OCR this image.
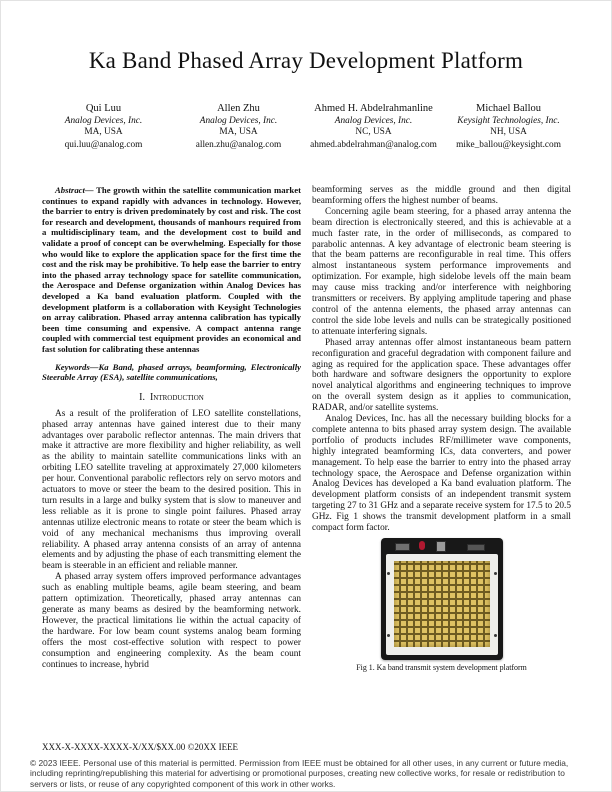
Ka Band Phased Array Development Platform
Qui Luu
Analog Devices, Inc.
MA, USA
qui.luu@analog.com
Allen Zhu
Analog Devices, Inc.
MA, USA
allen.zhu@analog.com
Ahmed H. Abdelrahmanline
Analog Devices, Inc.
NC, USA
ahmed.abdelrahman@analog.com
Michael Ballou
Keysight Technologies, Inc.
NH, USA
mike_ballou@keysight.com

Abstract— The growth within the satellite communication market continues to expand rapidly with advances in technology. However, the barrier to entry is driven predominately by cost and risk. The cost for research and development, thousands of manhours required from a multidisciplinary team, and the development cost to build and validate a proof of concept can be overwhelming. Especially for those who would like to explore the application space for the first time the cost and the risk may be prohibitive. To help ease the barrier to entry into the phased array technology space for satellite communication, the Aerospace and Defense organization within Analog Devices has developed a Ka band evaluation platform. Coupled with the development platform is a collaboration with Keysight Technologies on array calibration. Phased array antenna calibration has typically been time consuming and expensive. A compact antenna range coupled with commercial test equipment provides an economical and fast solution for calibrating these antennas

Keywords—Ka Band, phased arrays, beamforming, Electronically Steerable Array (ESA), satellite communications,

I. Introduction

As a result of the proliferation of LEO satellite constellations, phased array antennas have gained interest due to their many advantages over parabolic reflector antennas. The main drivers that make it attractive are more flexibility and higher reliability, as well as the ability to maintain satellite communications links with an orbiting LEO satellite traveling at approximately 27,000 kilometers per hour. Conventional parabolic reflectors rely on servo motors and actuators to move or steer the beam to the desired position. This in turn results in a large and bulky system that is slow to maneuver and less reliable as it is prone to single point failures. Phased array antennas utilize electronic means to rotate or steer the beam which is void of any mechanical mechanisms thus improving overall reliability. A phased array antenna consists of an array of antenna elements and by adjusting the phase of each transmitting element the beam is steerable in an efficient and reliable manner.

A phased array system offers improved performance advantages such as enabling multiple beams, agile beam steering, and beam pattern optimization. Theoretically, phased array antennas can generate as many beams as desired by the beamforming network. However, the practical limitations lie within the actual capacity of the hardware. For low beam count systems analog beam forming offers the most cost-effective solution with respect to power consumption and engineering complexity. As the beam count continues to increase, hybrid

beamforming serves as the middle ground and then digital beamforming offers the highest number of beams.

Concerning agile beam steering, for a phased array antenna the beam direction is electronically steered, and this is achievable at a much faster rate, in the order of milliseconds, as compared to parabolic antennas. A key advantage of electronic beam steering is that the beam patterns are reconfigurable in real time. This offers almost instantaneous system performance improvements and optimization. For example, high sidelobe levels off the main beam may cause miss tracking and/or interference with neighboring transmitters or receivers. By applying amplitude tapering and phase control of the antenna elements, the phased array antennas can control the side lobe levels and nulls can be strategically positioned to attenuate interfering signals.

Phased array antennas offer almost instantaneous beam pattern reconfiguration and graceful degradation with component failure and aging as required for the application space. These advantages offer both hardware and software designers the opportunity to explore novel analytical algorithms and engineering techniques to improve on the overall system design as it applies to communication, RADAR, and/or satellite systems.

Analog Devices, Inc. has all the necessary building blocks for a complete antenna to bits phased array system design. The available portfolio of products includes RF/millimeter wave components, highly integrated beamforming ICs, data converters, and power management. To help ease the barrier to entry into the phased array technology space, the Aerospace and Defense organization within Analog Devices has developed a Ka band evaluation platform. The development platform consists of an independent transmit system targeting 27 to 31 GHz and a separate receive system for 17.5 to 20.5 GHz. Fig 1 shows the transmit development platform in a small compact form factor.

Fig 1. Ka band transmit system development platform
XXX-X-XXXX-XXXX-X/XX/$XX.00 ©20XX IEEE
© 2023 IEEE. Personal use of this material is permitted. Permission from IEEE must be obtained for all other uses, in any current or future media, including reprinting/republishing this material for advertising or promotional purposes, creating new collective works, for resale or redistribution to servers or lists, or reuse of any copyrighted component of this work in other works.
